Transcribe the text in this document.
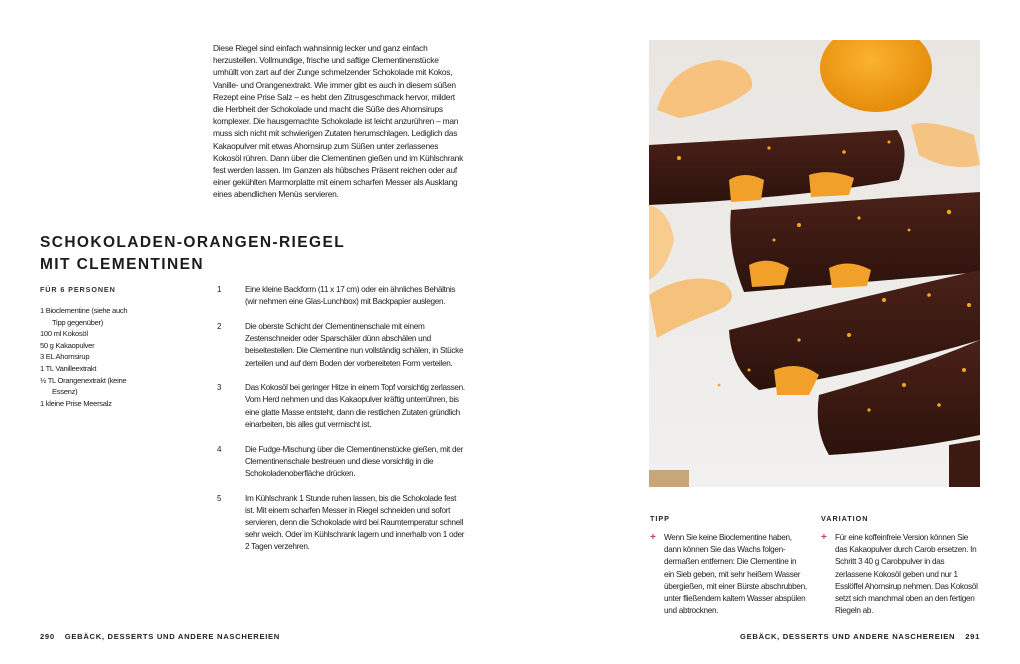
Diese Riegel sind einfach wahnsinnig lecker und ganz einfach herzustellen. Vollmundige, frische und saftige Clementinenstücke umhüllt von zart auf der Zunge schmelzender Schokolade mit Kokos, Vanille- und Orangenextrakt. Wie immer gibt es auch in diesem süßen Rezept eine Prise Salz – es hebt den Zitrusgeschmack hervor, mildert die Herbheit der Schokolade und macht die Süße des Ahornsirups komplexer. Die hausgemachte Schokolade ist leicht anzurühren – man muss sich nicht mit schwierigen Zutaten herumschlagen. Lediglich das Kakaopulver mit etwas Ahornsirup zum Süßen unter zerlassenes Kokosöl rühren. Dann über die Clementinen gießen und im Kühlschrank fest werden lassen. Im Ganzen als hübsches Präsent reichen oder auf einer gekühlten Marmorplatte mit einem scharfen Messer als Ausklang eines abendlichen Menüs servieren.

SCHOKOLADEN-ORANGEN-RIEGEL
MIT CLEMENTINEN
FÜR 6 PERSONEN
1 Bioclementine (siehe auch Tipp gegenüber)
100 ml Kokosöl
50 g Kakaopulver
3 EL Ahornsirup
1 TL Vanilleextrakt
½ TL Orangenextrakt (keine Essenz)
1 kleine Prise Meersalz
1	Eine kleine Backform (11 x 17 cm) oder ein ähnliches Behältnis (wir nehmen eine Glas-Lunchbox) mit Backpapier auslegen.
2	Die oberste Schicht der Clementinenschale mit einem Zestenschneider oder Sparschäler dünn abschälen und beiseitestellen. Die Clementine nun vollständig schälen, in Stücke zerteilen und auf dem Boden der vorbereiteten Form verteilen.
3	Das Kokosöl bei geringer Hitze in einem Topf vorsichtig zerlassen. Vom Herd nehmen und das Kakaopulver kräftig unterrühren, bis eine glatte Masse entsteht, dann die restlichen Zutaten gründlich einarbeiten, bis alles gut vermischt ist.
4	Die Fudge-Mischung über die Clementinenstücke gießen, mit der Clementinenschale bestreuen und diese vorsichtig in die Schokoladenoberfläche drücken.
5	Im Kühlschrank 1 Stunde ruhen lassen, bis die Schokolade fest ist. Mit einem scharfen Messer in Riegel schneiden und sofort servieren, denn die Schokolade wird bei Raumtemperatur schnell sehr weich. Oder im Kühlschrank lagern und innerhalb von 1 oder 2 Tagen verzehren.
290 GEBÄCK, DESSERTS UND ANDERE NASCHEREIEN
TIPP
+	Wenn Sie keine Bioclementine haben, dann können Sie das Wachs folgendermaßen entfernen: Die Clementine in ein Sieb geben, mit sehr heißem Wasser übergießen, mit einer Bürste abschrubben, unter fließendem kaltem Wasser abspülen und abtrocknen.
VARIATION
+	Für eine koffeinfreie Version können Sie das Kakaopulver durch Carob ersetzen. In Schritt 3 40 g Carobpulver in das zerlassene Kokosöl geben und nur 1 Esslöffel Ahornsirup nehmen. Das Kokosöl setzt sich manchmal oben an den fertigen Riegeln ab.
GEBÄCK, DESSERTS UND ANDERE NASCHEREIEN 291
